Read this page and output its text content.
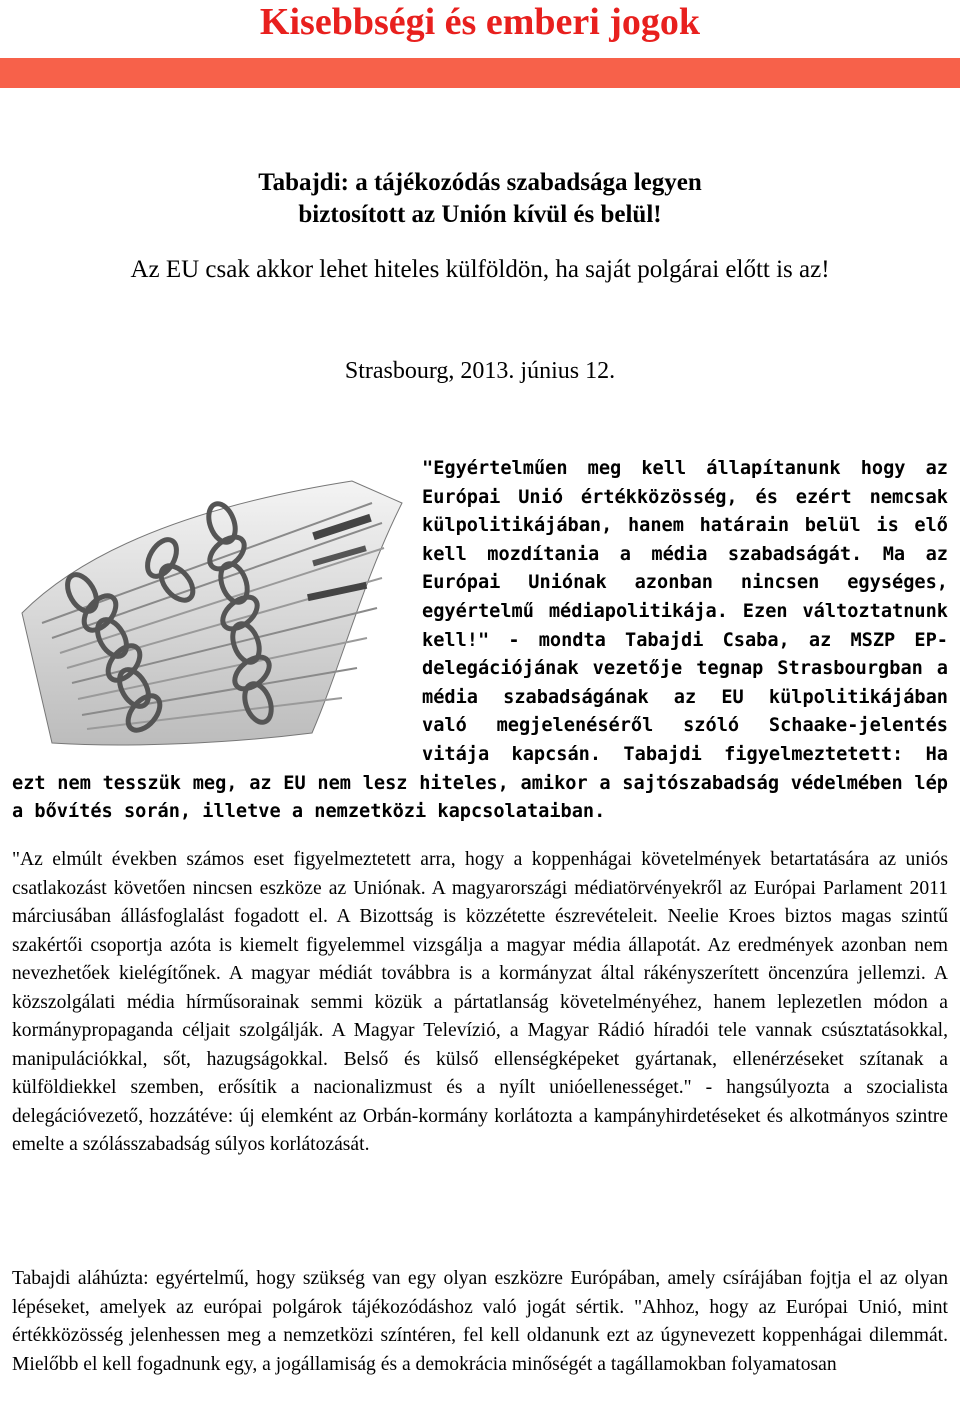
Kisebbségi és emberi jogok
Tabajdi: a tájékozódás szabadsága legyen
biztosított az Unión kívül és belül!
Az EU csak akkor lehet hiteles külföldön, ha saját polgárai előtt is az!
Strasbourg, 2013. június 12.

"Egyértelműen meg kell állapítanunk hogy az Európai Unió értékközösség, és ezért nemcsak külpolitikájában, hanem határain belül is elő kell mozdítania a média szabadságát. Ma az Európai Uniónak azonban nincsen egységes, egyértelmű médiapolitikája. Ezen változtatnunk kell!" - mondta Tabajdi Csaba, az MSZP EP-delegációjának vezetője tegnap Strasbourgban a média szabadságának az EU külpolitikájában való megjelenéséről szóló Schaake-jelentés vitája kapcsán. Tabajdi figyelmeztetett: Ha ezt nem tesszük meg, az EU nem lesz hiteles, amikor a sajtószabadság védelmében lép a bővítés során, illetve a nemzetközi kapcsolataiban.

"Az elmúlt években számos eset figyelmeztetett arra, hogy a koppenhágai követelmények betartatására az uniós csatlakozást követően nincsen eszköze az Uniónak. A magyarországi médiatörvényekről az Európai Parlament 2011 márciusában állásfoglalást fogadott el. A Bizottság is közzétette észrevételeit. Neelie Kroes biztos magas szintű szakértői csoportja azóta is kiemelt figyelemmel vizsgálja a magyar média állapotát. Az eredmények azonban nem nevezhetőek kielégítőnek. A magyar médiát továbbra is a kormányzat által rákényszerített öncenzúra jellemzi. A közszolgálati média hírműsorainak semmi közük a pártatlanság követelményéhez, hanem leplezetlen módon a kormánypropaganda céljait szolgálják. A Magyar Televízió, a Magyar Rádió híradói tele vannak csúsztatásokkal, manipulációkkal, sőt, hazugságokkal. Belső és külső ellenségképeket gyártanak, ellenérzéseket szítanak a külföldiekkel szemben, erősítik a nacionalizmust és a nyílt unióellenességet." - hangsúlyozta a szocialista delegációvezető, hozzátéve: új elemként az Orbán-kormány korlátozta a kampányhirdetéseket és alkotmányos szintre emelte a szólásszabadság súlyos korlátozását.

Tabajdi aláhúzta: egyértelmű, hogy szükség van egy olyan eszközre Európában, amely csírájában fojtja el az olyan lépéseket, amelyek az európai polgárok tájékozódáshoz való jogát sértik. "Ahhoz, hogy az Európai Unió, mint értékközösség jelenhessen meg a nemzetközi színtéren, fel kell oldanunk ezt az úgynevezett koppenhágai dilemmát. Mielőbb el kell fogadnunk egy, a jogállamiság és a demokrácia minőségét a tagállamokban folyamatosan
